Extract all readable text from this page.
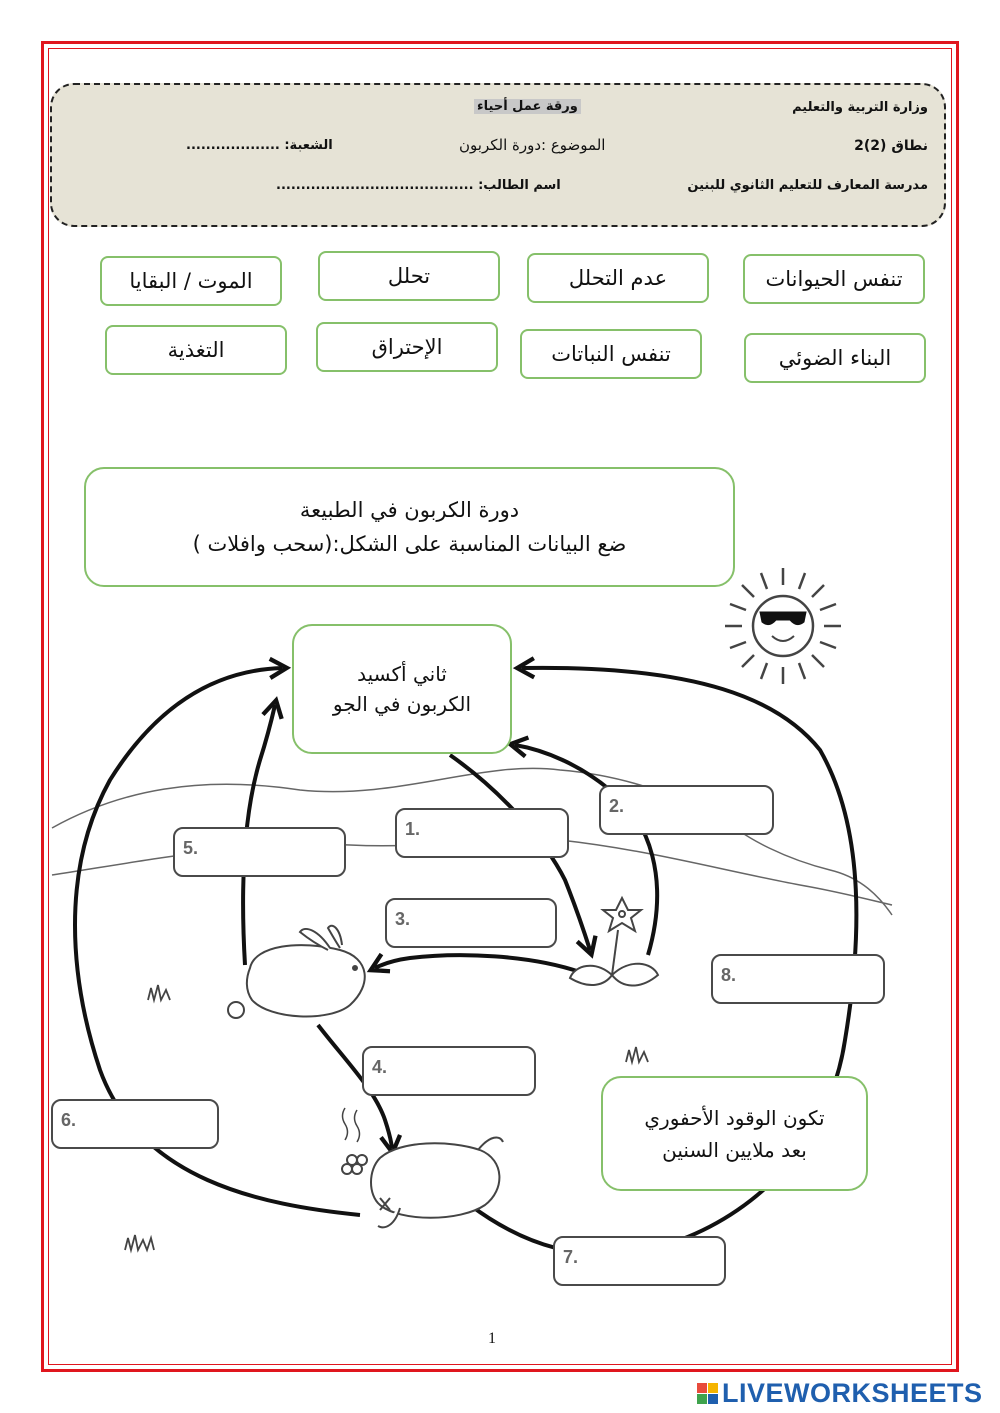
وزارة التربية والتعليم
ورقة عمل أحياء
نطاق (2)2
الموضوع :دورة الكربون
الشعبة: ...................
مدرسة المعارف للتعليم الثانوي للبنين
اسم الطالب: ........................................
تنفس الحيوانات
عدم التحلل
تحلل
الموت / البقايا
البناء الضوئي
تنفس النباتات
الإحتراق
التغذية
دورة الكربون في الطبيعة
ضع البيانات المناسبة على الشكل:(سحب وافلات )
ثاني أكسيد
الكربون في الجو
تكون الوقود الأحفوري
بعد ملايين السنين
1.
2.
3.
4.
5.
6.
7.
8.
1
LIVEWORKSHEETS
